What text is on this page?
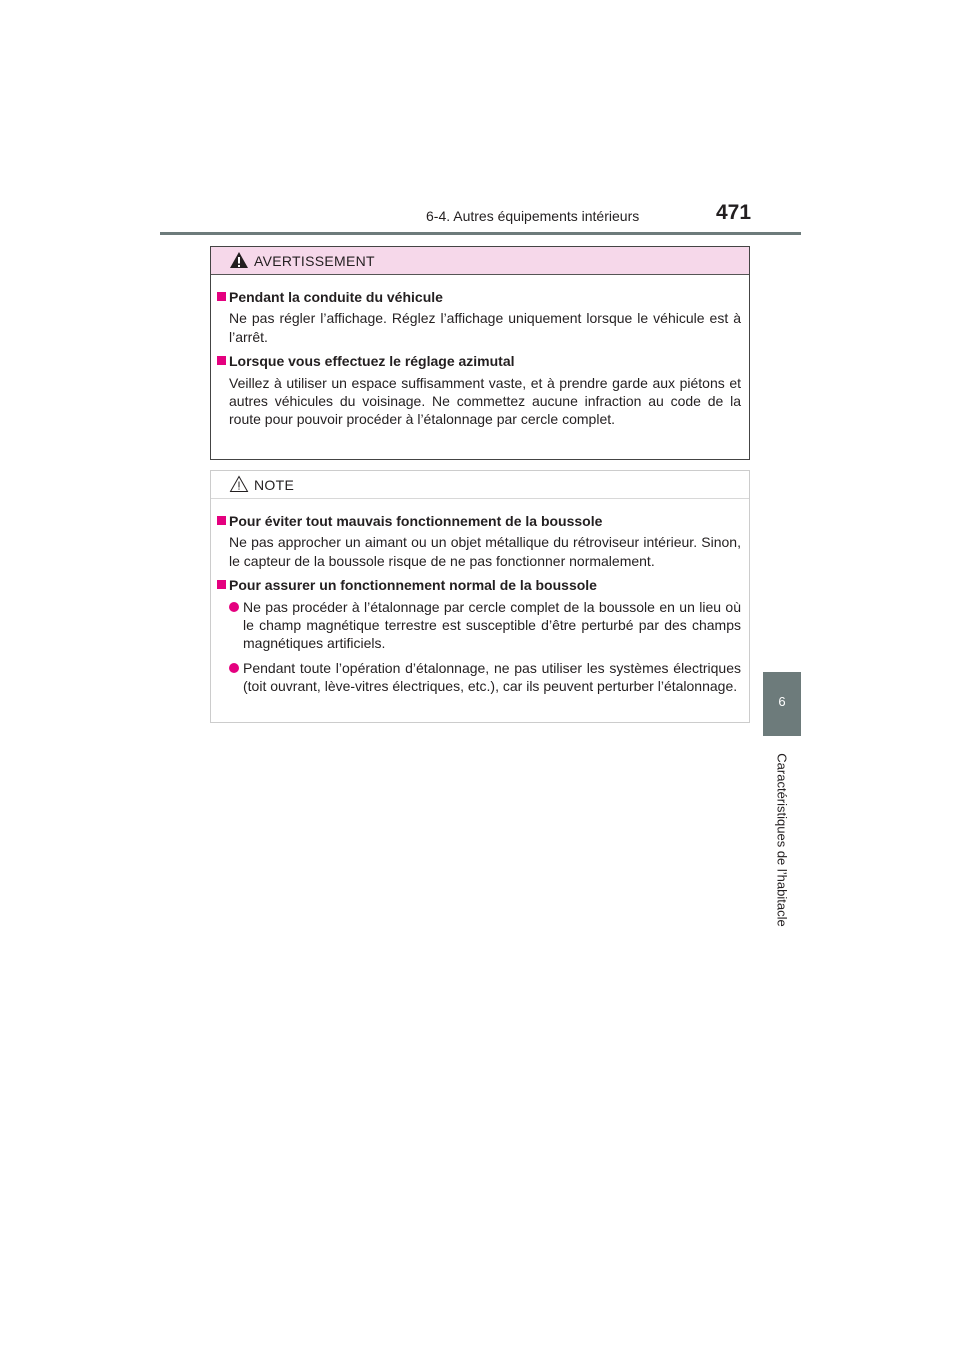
6-4. Autres équipements intérieurs	471
6
Caractéristiques de l’habitacle
AVERTISSEMENT
Pendant la conduite du véhicule
Ne pas régler l’affichage. Réglez l’affichage uniquement lorsque le véhicule est à l’arrêt.
Lorsque vous effectuez le réglage azimutal
Veillez à utiliser un espace suffisamment vaste, et à prendre garde aux piétons et autres véhicules du voisinage. Ne commettez aucune infraction au code de la route pour pouvoir procéder à l’étalonnage par cercle complet.
NOTE
Pour éviter tout mauvais fonctionnement de la boussole
Ne pas approcher un aimant ou un objet métallique du rétroviseur intérieur. Sinon, le capteur de la boussole risque de ne pas fonctionner normalement.
Pour assurer un fonctionnement normal de la boussole
Ne pas procéder à l’étalonnage par cercle complet de la boussole en un lieu où le champ magnétique terrestre est susceptible d’être perturbé par des champs magnétiques artificiels.
Pendant toute l’opération d’étalonnage, ne pas utiliser les systèmes électriques (toit ouvrant, lève-vitres électriques, etc.), car ils peuvent perturber l’étalonnage.
